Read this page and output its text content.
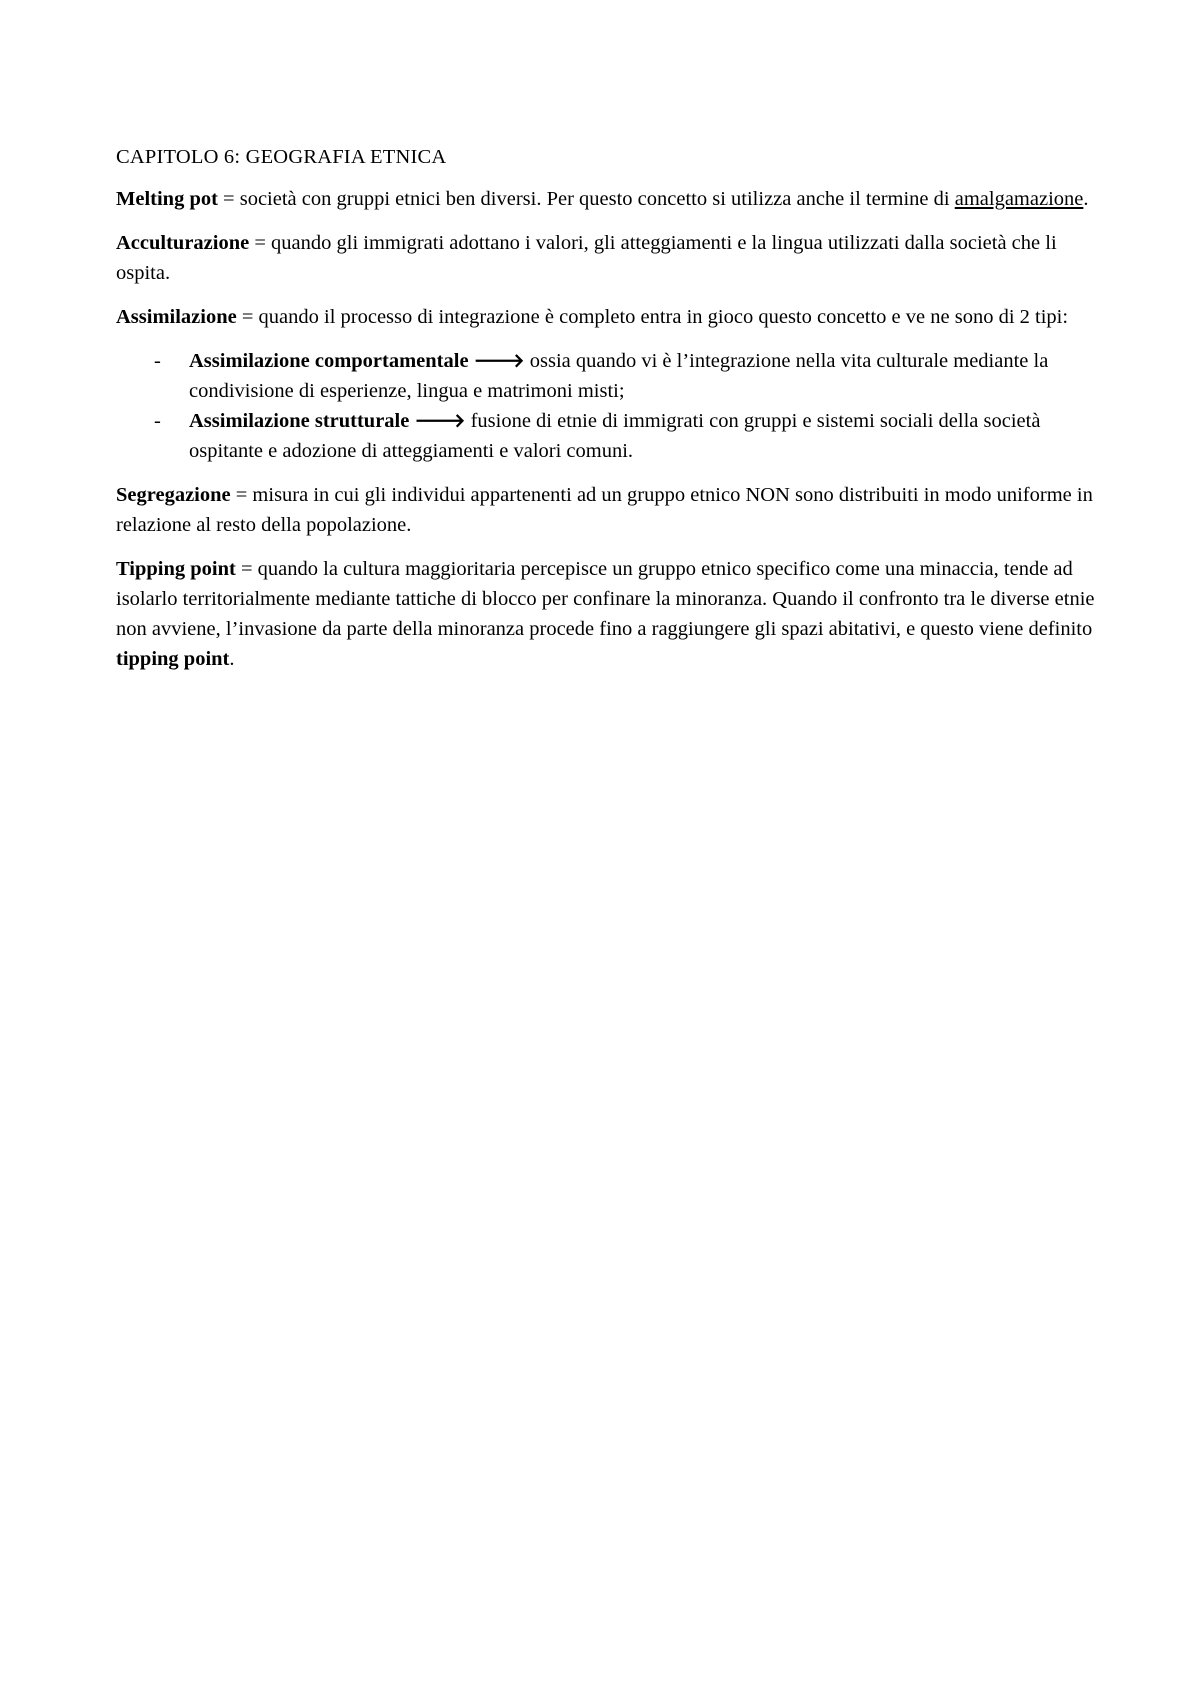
CAPITOLO 6: GEOGRAFIA ETNICA

Melting pot = società con gruppi etnici ben diversi. Per questo concetto si utilizza anche il termine di amalgamazione.

Acculturazione = quando gli immigrati adottano i valori, gli atteggiamenti e la lingua utilizzati dalla società che li ospita.

Assimilazione = quando il processo di integrazione è completo entra in gioco questo concetto e ve ne sono di 2 tipi:

- Assimilazione comportamentale 🡒 ossia quando vi è l’integrazione nella vita culturale mediante la condivisione di esperienze, lingua e matrimoni misti;
- Assimilazione strutturale 🡒 fusione di etnie di immigrati con gruppi e sistemi sociali della società ospitante e adozione di atteggiamenti e valori comuni.

Segregazione = misura in cui gli individui appartenenti ad un gruppo etnico NON sono distribuiti in modo uniforme in relazione al resto della popolazione.

Tipping point = quando la cultura maggioritaria percepisce un gruppo etnico specifico come una minaccia, tende ad isolarlo territorialmente mediante tattiche di blocco per confinare la minoranza. Quando il confronto tra le diverse etnie non avviene, l’invasione da parte della minoranza procede fino a raggiungere gli spazi abitativi, e questo viene definito tipping point.
